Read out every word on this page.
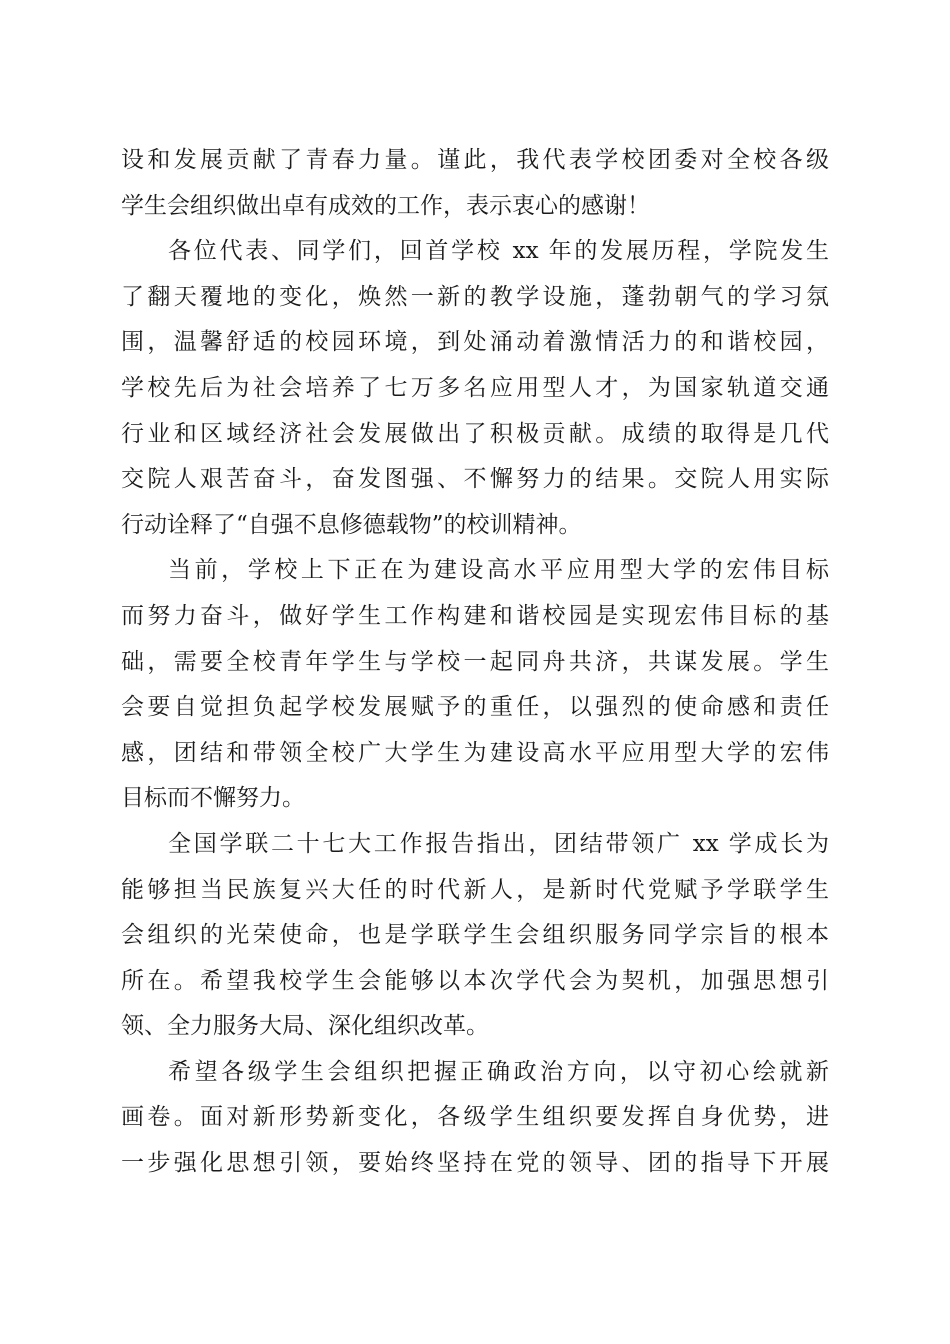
设和发展贡献了青春力量。谨此，我代表学校团委对全校各级
学生会组织做出卓有成效的工作，表示衷心的感谢！

各位代表、同学们，回首学校 xx 年的发展历程，学院发生
了翻天覆地的变化，焕然一新的教学设施，蓬勃朝气的学习氛
围，温馨舒适的校园环境，到处涌动着激情活力的和谐校园，
学校先后为社会培养了七万多名应用型人才，为国家轨道交通
行业和区域经济社会发展做出了积极贡献。成绩的取得是几代
交院人艰苦奋斗，奋发图强、不懈努力的结果。交院人用实际
行动诠释了“自强不息修德载物”的校训精神。

当前，学校上下正在为建设高水平应用型大学的宏伟目标
而努力奋斗，做好学生工作构建和谐校园是实现宏伟目标的基
础，需要全校青年学生与学校一起同舟共济，共谋发展。学生
会要自觉担负起学校发展赋予的重任，以强烈的使命感和责任
感，团结和带领全校广大学生为建设高水平应用型大学的宏伟
目标而不懈努力。

全国学联二十七大工作报告指出，团结带领广 xx 学成长为
能够担当民族复兴大任的时代新人，是新时代党赋予学联学生
会组织的光荣使命，也是学联学生会组织服务同学宗旨的根本
所在。希望我校学生会能够以本次学代会为契机，加强思想引
领、全力服务大局、深化组织改革。

希望各级学生会组织把握正确政治方向，以守初心绘就新
画卷。面对新形势新变化，各级学生组织要发挥自身优势，进
一步强化思想引领，要始终坚持在党的领导、团的指导下开展
